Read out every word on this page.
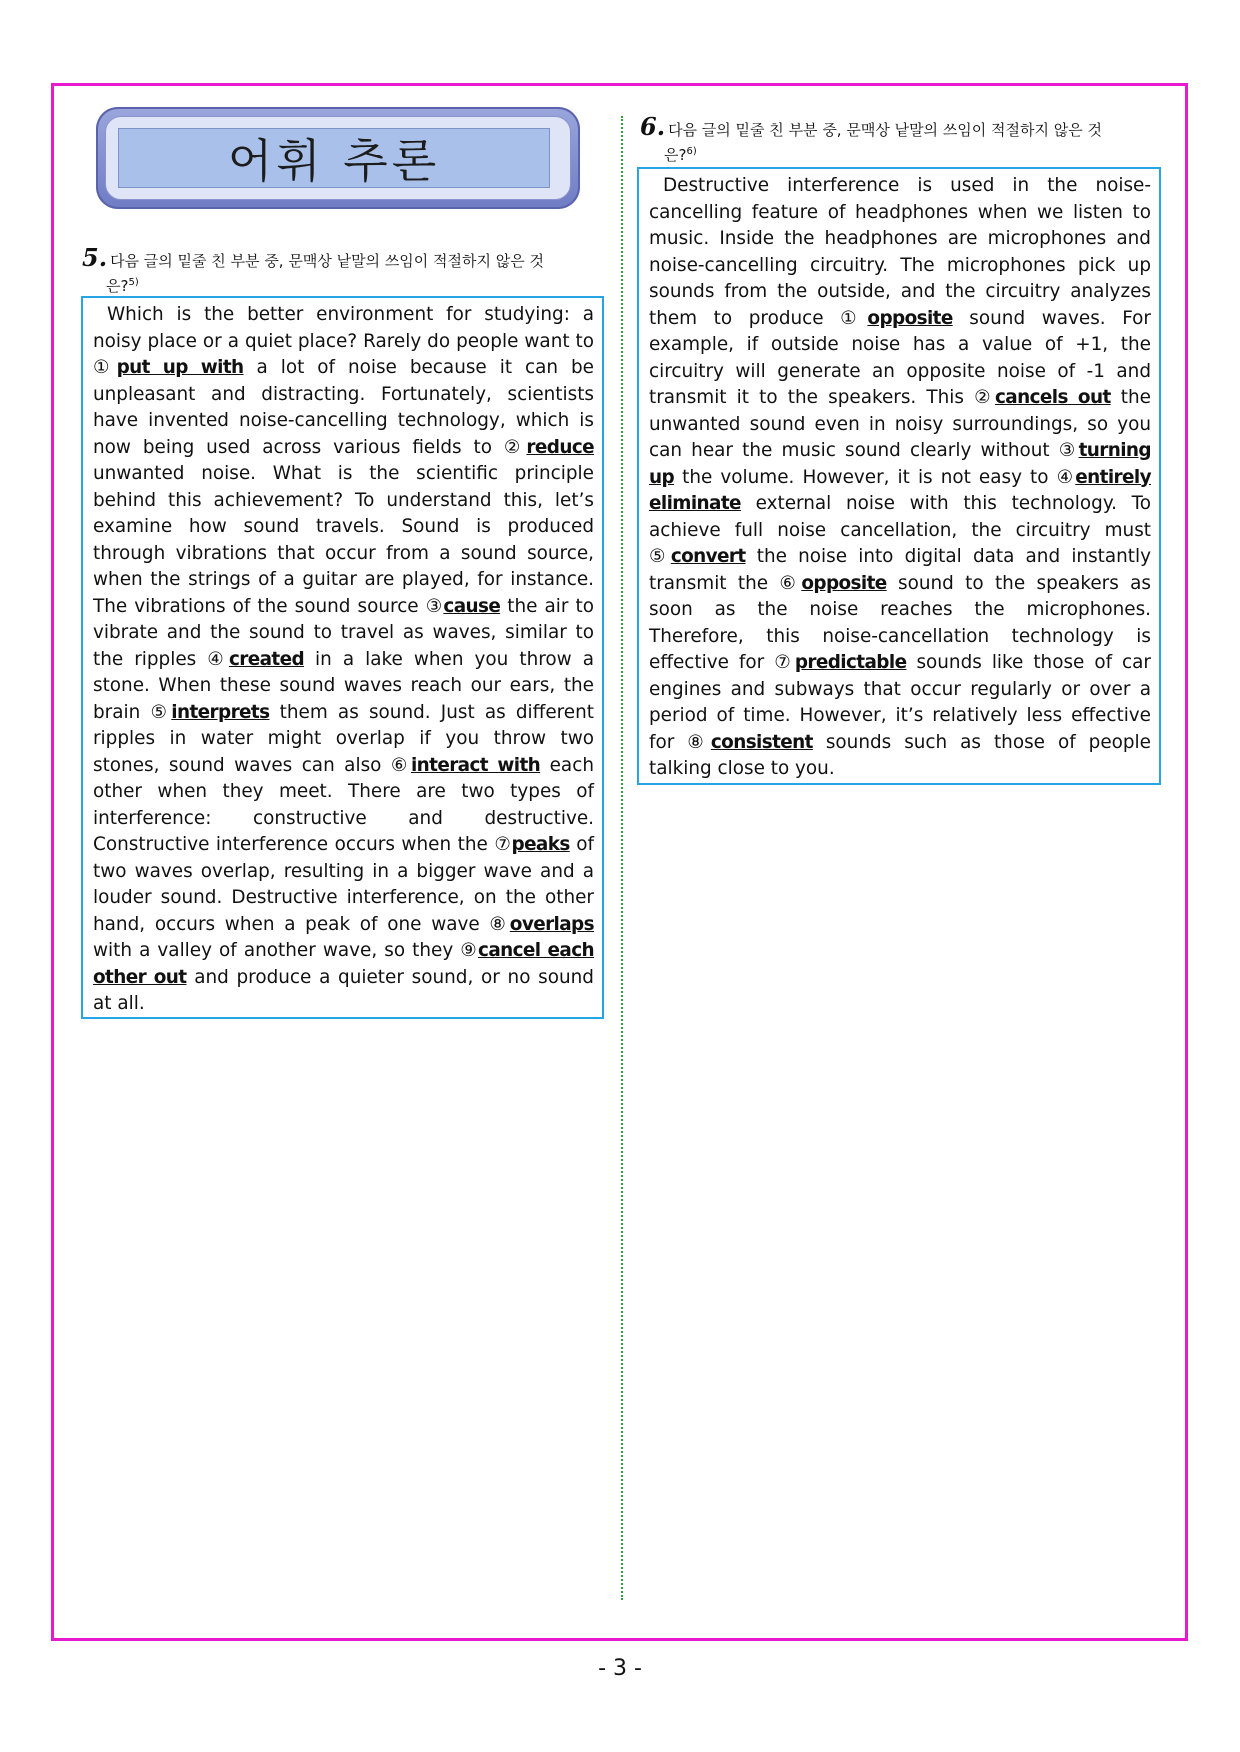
어휘 추론
5. 다음 글의 밑줄 친 부분 중, 문맥상 낱말의 쓰임이 적절하지 않은 것
은?$^{5)}$

Which is the better environment for studying: a noisy place or a quiet place? Rarely do people want to ①put up with a lot of noise because it can be unpleasant and distracting. Fortunately, scientists have invented noise-cancelling technology, which is now being used across various fields to ②reduce unwanted noise. What is the scientific principle behind this achievement? To understand this, let’s examine how sound travels. Sound is produced through vibrations that occur from a sound source, when the strings of a guitar are played, for instance. The vibrations of the sound source ③cause the air to vibrate and the sound to travel as waves, similar to the ripples ④created in a lake when you throw a stone. When these sound waves reach our ears, the brain ⑤interprets them as sound. Just as different ripples in water might overlap if you throw two stones, sound waves can also ⑥interact with each other when they meet. There are two types of interference: constructive and destructive. Constructive interference occurs when the ⑦peaks of two waves overlap, resulting in a bigger wave and a louder sound. Destructive interference, on the other hand, occurs when a peak of one wave ⑧overlaps with a valley of another wave, so they ⑨cancel each other out and produce a quieter sound, or no sound at all.

6. 다음 글의 밑줄 친 부분 중, 문맥상 낱말의 쓰임이 적절하지 않은 것
은?$^{6)}$

Destructive interference is used in the noise-cancelling feature of headphones when we listen to music. Inside the headphones are microphones and noise-cancelling circuitry. The microphones pick up sounds from the outside, and the circuitry analyzes them to produce ①opposite sound waves. For example, if outside noise has a value of +1, the circuitry will generate an opposite noise of -1 and transmit it to the speakers. This ②cancels out the unwanted sound even in noisy surroundings, so you can hear the music sound clearly without ③turning up the volume. However, it is not easy to ④entirely eliminate external noise with this technology. To achieve full noise cancellation, the circuitry must ⑤convert the noise into digital data and instantly transmit the ⑥opposite sound to the speakers as soon as the noise reaches the microphones. Therefore, this noise-cancellation technology is effective for ⑦predictable sounds like those of car engines and subways that occur regularly or over a period of time. However, it’s relatively less effective for ⑧consistent sounds such as those of people talking close to you.

- 3 -
